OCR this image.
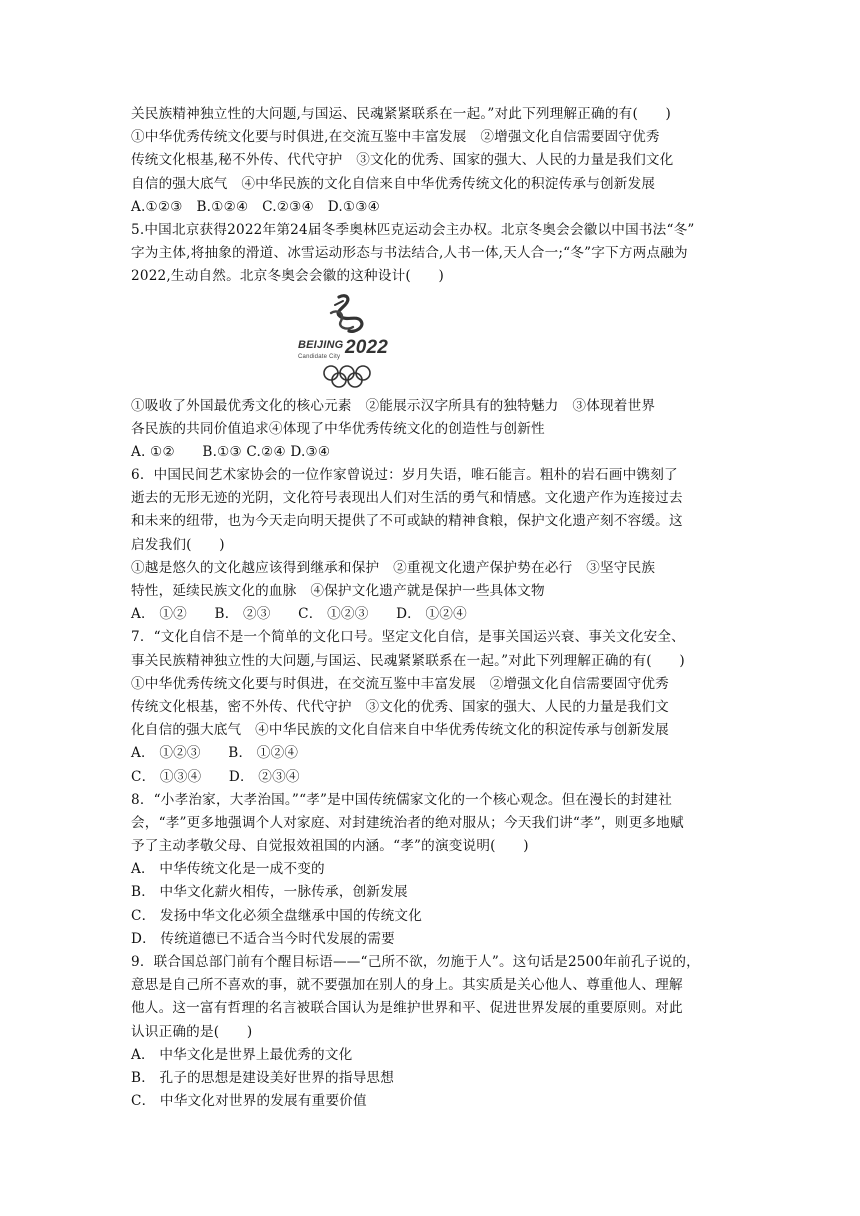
关民族精神独立性的大问题,与国运、民魂紧紧联系在一起。”对此下列理解正确的有(　　)
①中华优秀传统文化要与时俱进,在交流互鉴中丰富发展　②增强文化自信需要固守优秀
传统文化根基,秘不外传、代代守护　③文化的优秀、国家的强大、人民的力量是我们文化
自信的强大底气　④中华民族的文化自信来自中华优秀传统文化的积淀传承与创新发展
A.①②③　B.①②④　C.②③④　D.①③④
5.中国北京获得2022年第24届冬季奥林匹克运动会主办权。北京冬奥会会徽以中国书法“冬”
字为主体,将抽象的滑道、冰雪运动形态与书法结合,人书一体,天人合一;“冬”字下方两点融为
2022,生动自然。北京冬奥会会徽的这种设计(　　)
BEIJING 2022
Candidate City
①吸收了外国最优秀文化的核心元素　②能展示汉字所具有的独特魅力　③体现着世界
各民族的共同价值追求④体现了中华优秀传统文化的创造性与创新性
A. ①②　　B.①③ C.②④ D.③④
6．中国民间艺术家协会的一位作家曾说过：岁月失语，唯石能言。粗朴的岩石画中镌刻了
逝去的无形无迹的光阴，文化符号表现出人们对生活的勇气和情感。文化遗产作为连接过去
和未来的纽带，也为今天走向明天提供了不可或缺的精神食粮，保护文化遗产刻不容缓。这
启发我们(　　)
①越是悠久的文化越应该得到继承和保护　②重视文化遗产保护势在必行　③坚守民族
特性，延续民族文化的血脉　④保护文化遗产就是保护一些具体文物
A． ①②　　B． ②③　　C． ①②③　　D． ①②④
7．“文化自信不是一个简单的文化口号。坚定文化自信，是事关国运兴衰、事关文化安全、
事关民族精神独立性的大问题,与国运、民魂紧紧联系在一起。”对此下列理解正确的有(　　)
①中华优秀传统文化要与时俱进，在交流互鉴中丰富发展　②增强文化自信需要固守优秀
传统文化根基，密不外传、代代守护　③文化的优秀、国家的强大、人民的力量是我们文
化自信的强大底气　④中华民族的文化自信来自中华优秀传统文化的积淀传承与创新发展
A． ①②③　　B． ①②④
C． ①③④　　D． ②③④
8．“小孝治家，大孝治国。”“孝”是中国传统儒家文化的一个核心观念。但在漫长的封建社
会，“孝”更多地强调个人对家庭、对封建统治者的绝对服从；今天我们讲“孝”，则更多地赋
予了主动孝敬父母、自觉报效祖国的内涵。“孝”的演变说明(　　)
A． 中华传统文化是一成不变的
B． 中华文化薪火相传，一脉传承，创新发展
C． 发扬中华文化必须全盘继承中国的传统文化
D． 传统道德已不适合当今时代发展的需要
9．联合国总部门前有个醒目标语——“己所不欲，勿施于人”。这句话是2500年前孔子说的，
意思是自己所不喜欢的事，就不要强加在别人的身上。其实质是关心他人、尊重他人、理解
他人。这一富有哲理的名言被联合国认为是维护世界和平、促进世界发展的重要原则。对此
认识正确的是(　　)
A． 中华文化是世界上最优秀的文化
B． 孔子的思想是建设美好世界的指导思想
C． 中华文化对世界的发展有重要价值
